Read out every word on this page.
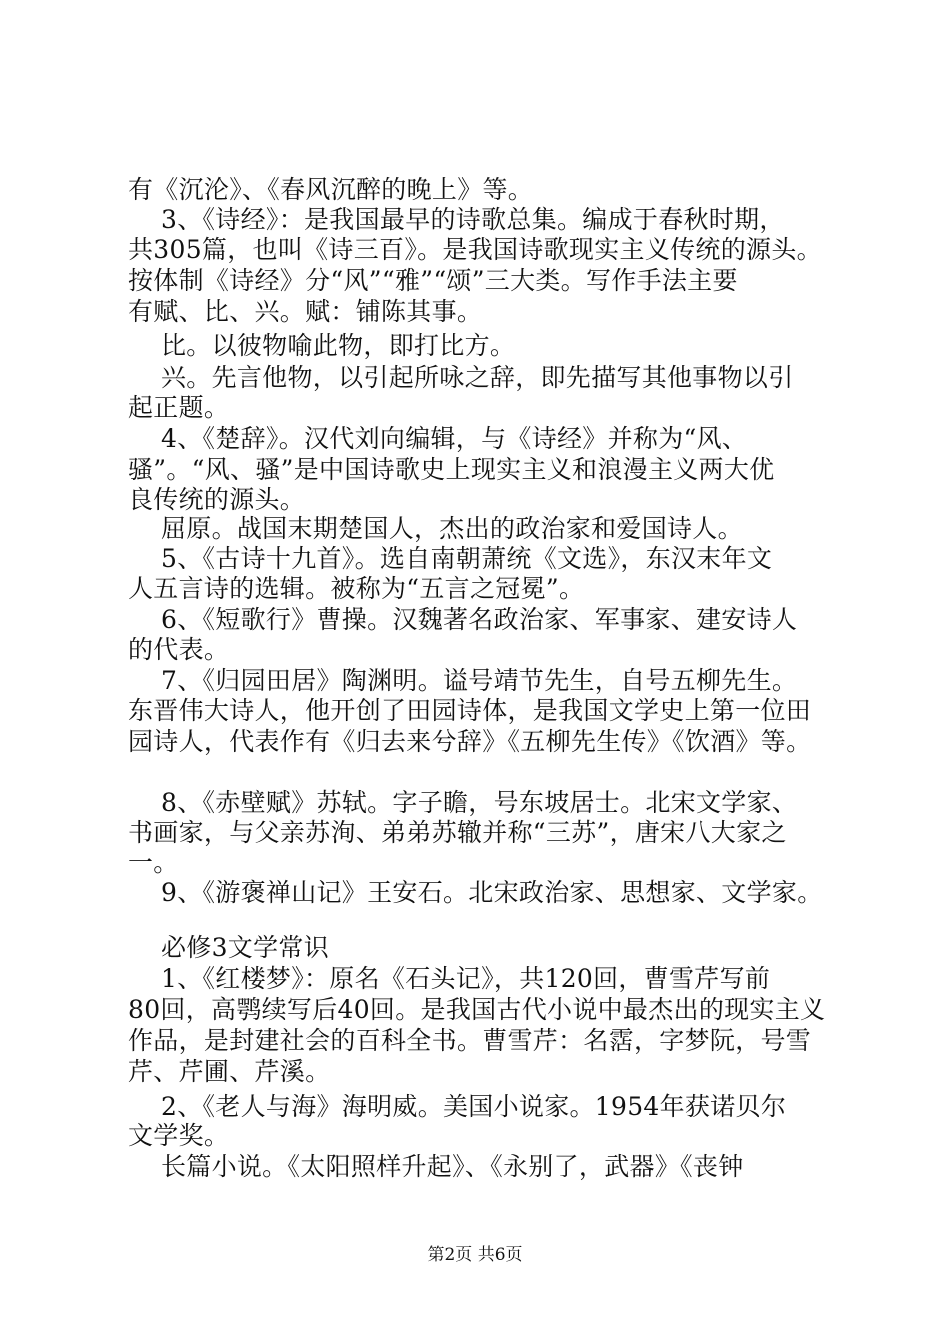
有《沉沦》、《春风沉醉的晚上》等。
3、《诗经》：是我国最早的诗歌总集。编成于春秋时期，
共305篇，也叫《诗三百》。是我国诗歌现实主义传统的源头。
按体制《诗经》分“风”“雅”“颂”三大类。写作手法主要
有赋、比、兴。赋：铺陈其事。
比。以彼物喻此物，即打比方。
兴。先言他物，以引起所咏之辞，即先描写其他事物以引
起正题。
4、《楚辞》。汉代刘向编辑，与《诗经》并称为“风、
骚”。“风、骚”是中国诗歌史上现实主义和浪漫主义两大优
良传统的源头。
屈原。战国末期楚国人，杰出的政治家和爱国诗人。
5、《古诗十九首》。选自南朝萧统《文选》，东汉末年文
人五言诗的选辑。被称为“五言之冠冕”。
6、《短歌行》曹操。汉魏著名政治家、军事家、建安诗人
的代表。
7、《归园田居》陶渊明。谥号靖节先生，自号五柳先生。
东晋伟大诗人，他开创了田园诗体，是我国文学史上第一位田
园诗人，代表作有《归去来兮辞》《五柳先生传》《饮酒》等。
8、《赤壁赋》苏轼。字子瞻，号东坡居士。北宋文学家、
书画家，与父亲苏洵、弟弟苏辙并称“三苏”，唐宋八大家之
一。
9、《游褒禅山记》王安石。北宋政治家、思想家、文学家。
必修3文学常识
1、《红楼梦》：原名《石头记》，共120回，曹雪芹写前
80回，高鹗续写后40回。是我国古代小说中最杰出的现实主义
作品，是封建社会的百科全书。曹雪芹：名霑，字梦阮，号雪
芹、芹圃、芹溪。
2、《老人与海》海明威。美国小说家。1954年获诺贝尔
文学奖。
长篇小说。《太阳照样升起》、《永别了，武器》《丧钟
第2页 共6页
